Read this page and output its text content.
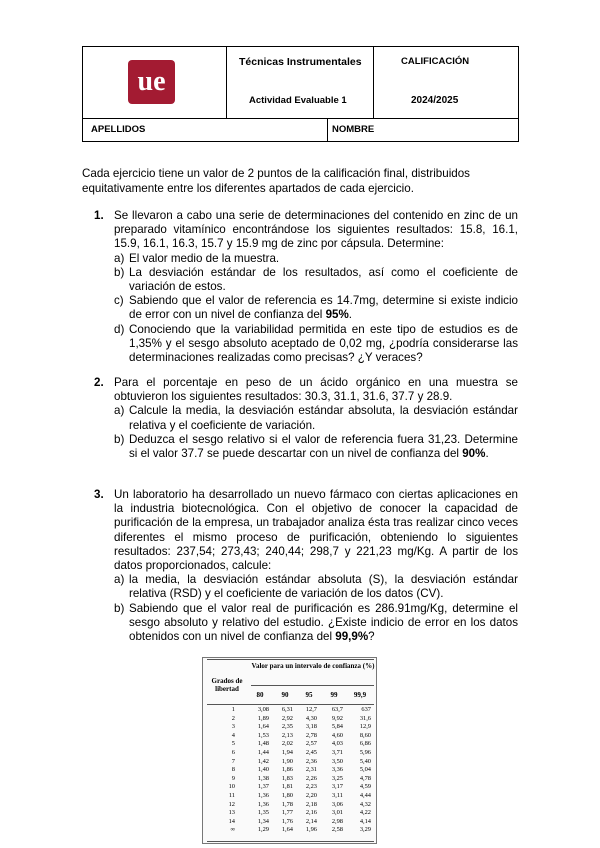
ue
Técnicas Instrumentales
Actividad Evaluable 1
CALIFICACIÓN
2024/2025
APELLIDOS	NOMBRE
Cada ejercicio tiene un valor de 2 puntos de la calificación final, distribuidos equitativamente entre los diferentes apartados de cada ejercicio.
1. Se llevaron a cabo una serie de determinaciones del contenido en zinc de un preparado vitamínico encontrándose los siguientes resultados: 15.8, 16.1, 15.9, 16.1, 16.3, 15.7 y 15.9 mg de zinc por cápsula. Determine:
a) El valor medio de la muestra.
b) La desviación estándar de los resultados, así como el coeficiente de variación de estos.
c) Sabiendo que el valor de referencia es 14.7mg, determine si existe indicio de error con un nivel de confianza del 95%.
d) Conociendo que la variabilidad permitida en este tipo de estudios es de 1,35% y el sesgo absoluto aceptado de 0,02 mg, ¿podría considerarse las determinaciones realizadas como precisas? ¿Y veraces?
2. Para el porcentaje en peso de un ácido orgánico en una muestra se obtuvieron los siguientes resultados: 30.3, 31.1, 31.6, 37.7 y 28.9.
a) Calcule la media, la desviación estándar absoluta, la desviación estándar relativa y el coeficiente de variación.
b) Deduzca el sesgo relativo si el valor de referencia fuera 31,23. Determine si el valor 37.7 se puede descartar con un nivel de confianza del 90%.
3. Un laboratorio ha desarrollado un nuevo fármaco con ciertas aplicaciones en la industria biotecnológica. Con el objetivo de conocer la capacidad de purificación de la empresa, un trabajador analiza ésta tras realizar cinco veces diferentes el mismo proceso de purificación, obteniendo lo siguientes resultados: 237,54; 273,43; 240,44; 298,7 y 221,23 mg/Kg. A partir de los datos proporcionados, calcule:
a) la media, la desviación estándar absoluta (S), la desviación estándar relativa (RSD) y el coeficiente de variación de los datos (CV).
b) Sabiendo que el valor real de purificación es 286.91mg/Kg, determine el sesgo absoluto y relativo del estudio. ¿Existe indicio de error en los datos obtenidos con un nivel de confianza del 99,9%?
Valor para un intervalo de confianza (%)
Grados de libertad
80	90	95	99	99,9
1	3,08 6,31 12,7 63,7	637
2	1,89 2,92 4,30 9,92	31,6
3	1,64 2,35 3,18 5,84	12,9
4	1,53 2,13 2,78 4,60	8,60
5	1,48 2,02 2,57 4,03	6,86
6	1,44 1,94 2,45 3,71	5,96
7	1,42 1,90 2,36 3,50	5,40
8	1,40 1,86 2,31 3,36	5,04
9	1,38 1,83 2,26 3,25	4,78
10	1,37 1,81 2,23 3,17	4,59
11	1,36 1,80 2,20 3,11	4,44
12	1,36 1,78 2,18 3,06	4,32
13	1,35 1,77 2,16 3,01	4,22
14	1,34 1,76 2,14 2,98	4,14
∞	1,29 1,64 1,96 2,58	3,29
